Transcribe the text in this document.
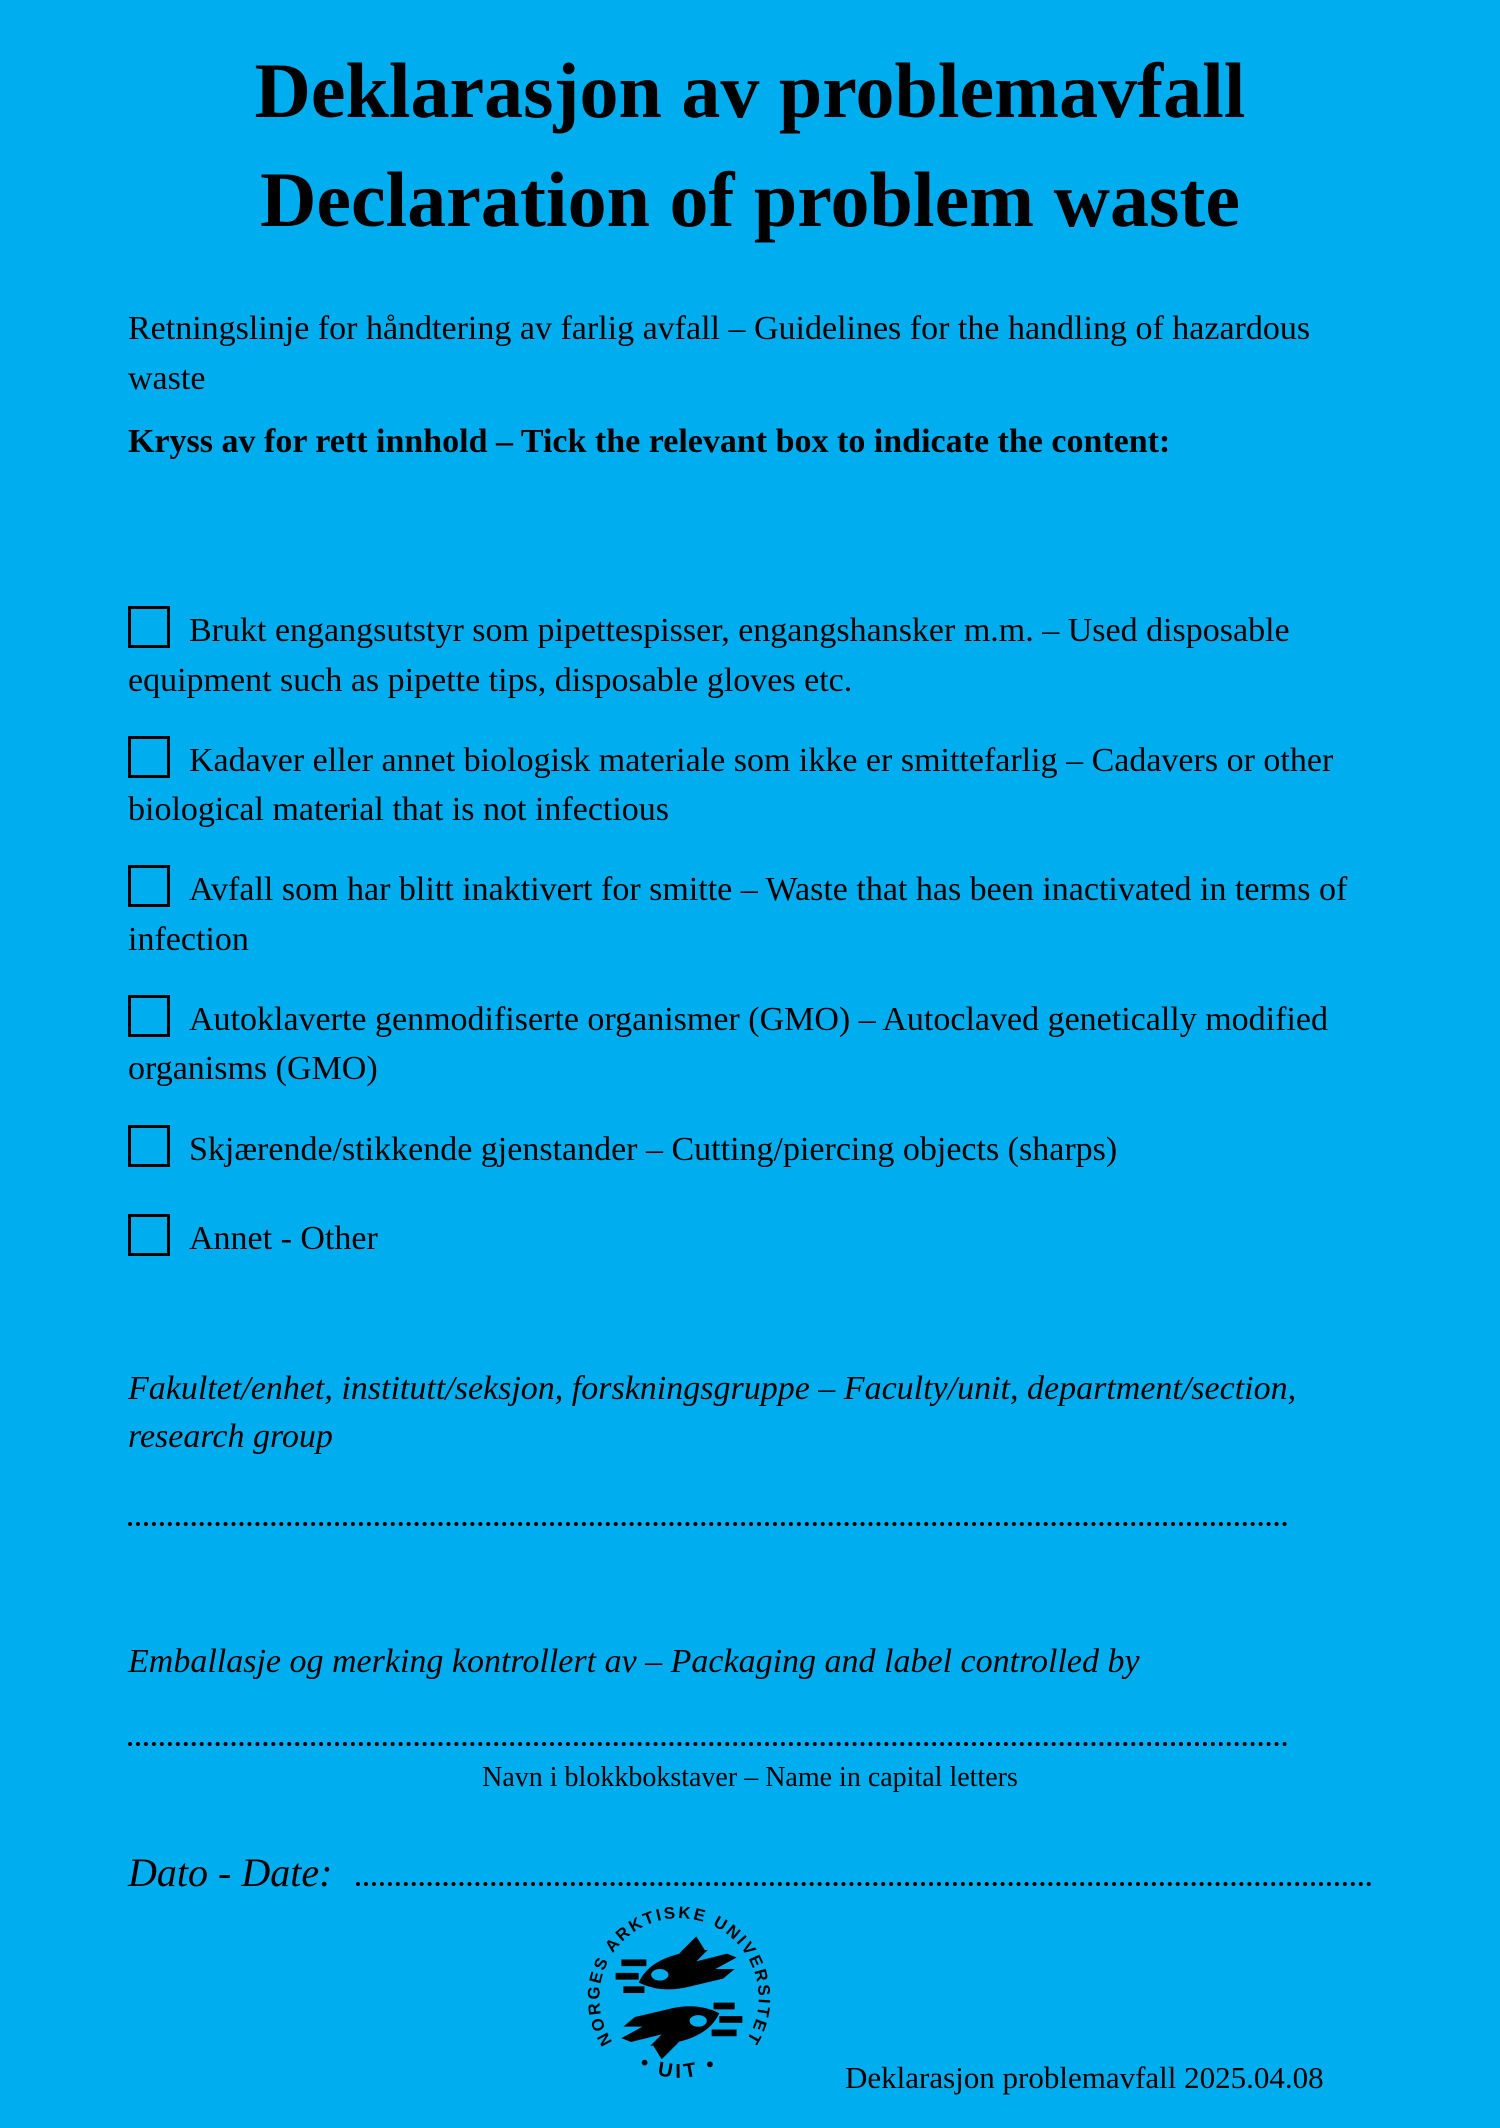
Deklarasjon av problemavfall
Declaration of problem waste

Retningslinje for håndtering av farlig avfall – Guidelines for the handling of hazardous waste

Kryss av for rett innhold – Tick the relevant box to indicate the content:

Brukt engangsutstyr som pipettespisser, engangshansker m.m. – Used disposable equipment such as pipette tips, disposable gloves etc.

Kadaver eller annet biologisk materiale som ikke er smittefarlig – Cadavers or other biological material that is not infectious

Avfall som har blitt inaktivert for smitte – Waste that has been inactivated in terms of infection

Autoklaverte genmodifiserte organismer (GMO) – Autoclaved genetically modified organisms (GMO)

Skjærende/stikkende gjenstander – Cutting/piercing objects (sharps)

Annet - Other

Fakultet/enhet, institutt/seksjon, forskningsgruppe – Faculty/unit, department/section, research group

Emballasje og merking kontrollert av – Packaging and label controlled by

Navn i blokkbokstaver – Name in capital letters

Dato - Date:
NORGES ARKTISKE UNIVERSITET
• UIT •	Deklarasjon problemavfall 2025.04.08
